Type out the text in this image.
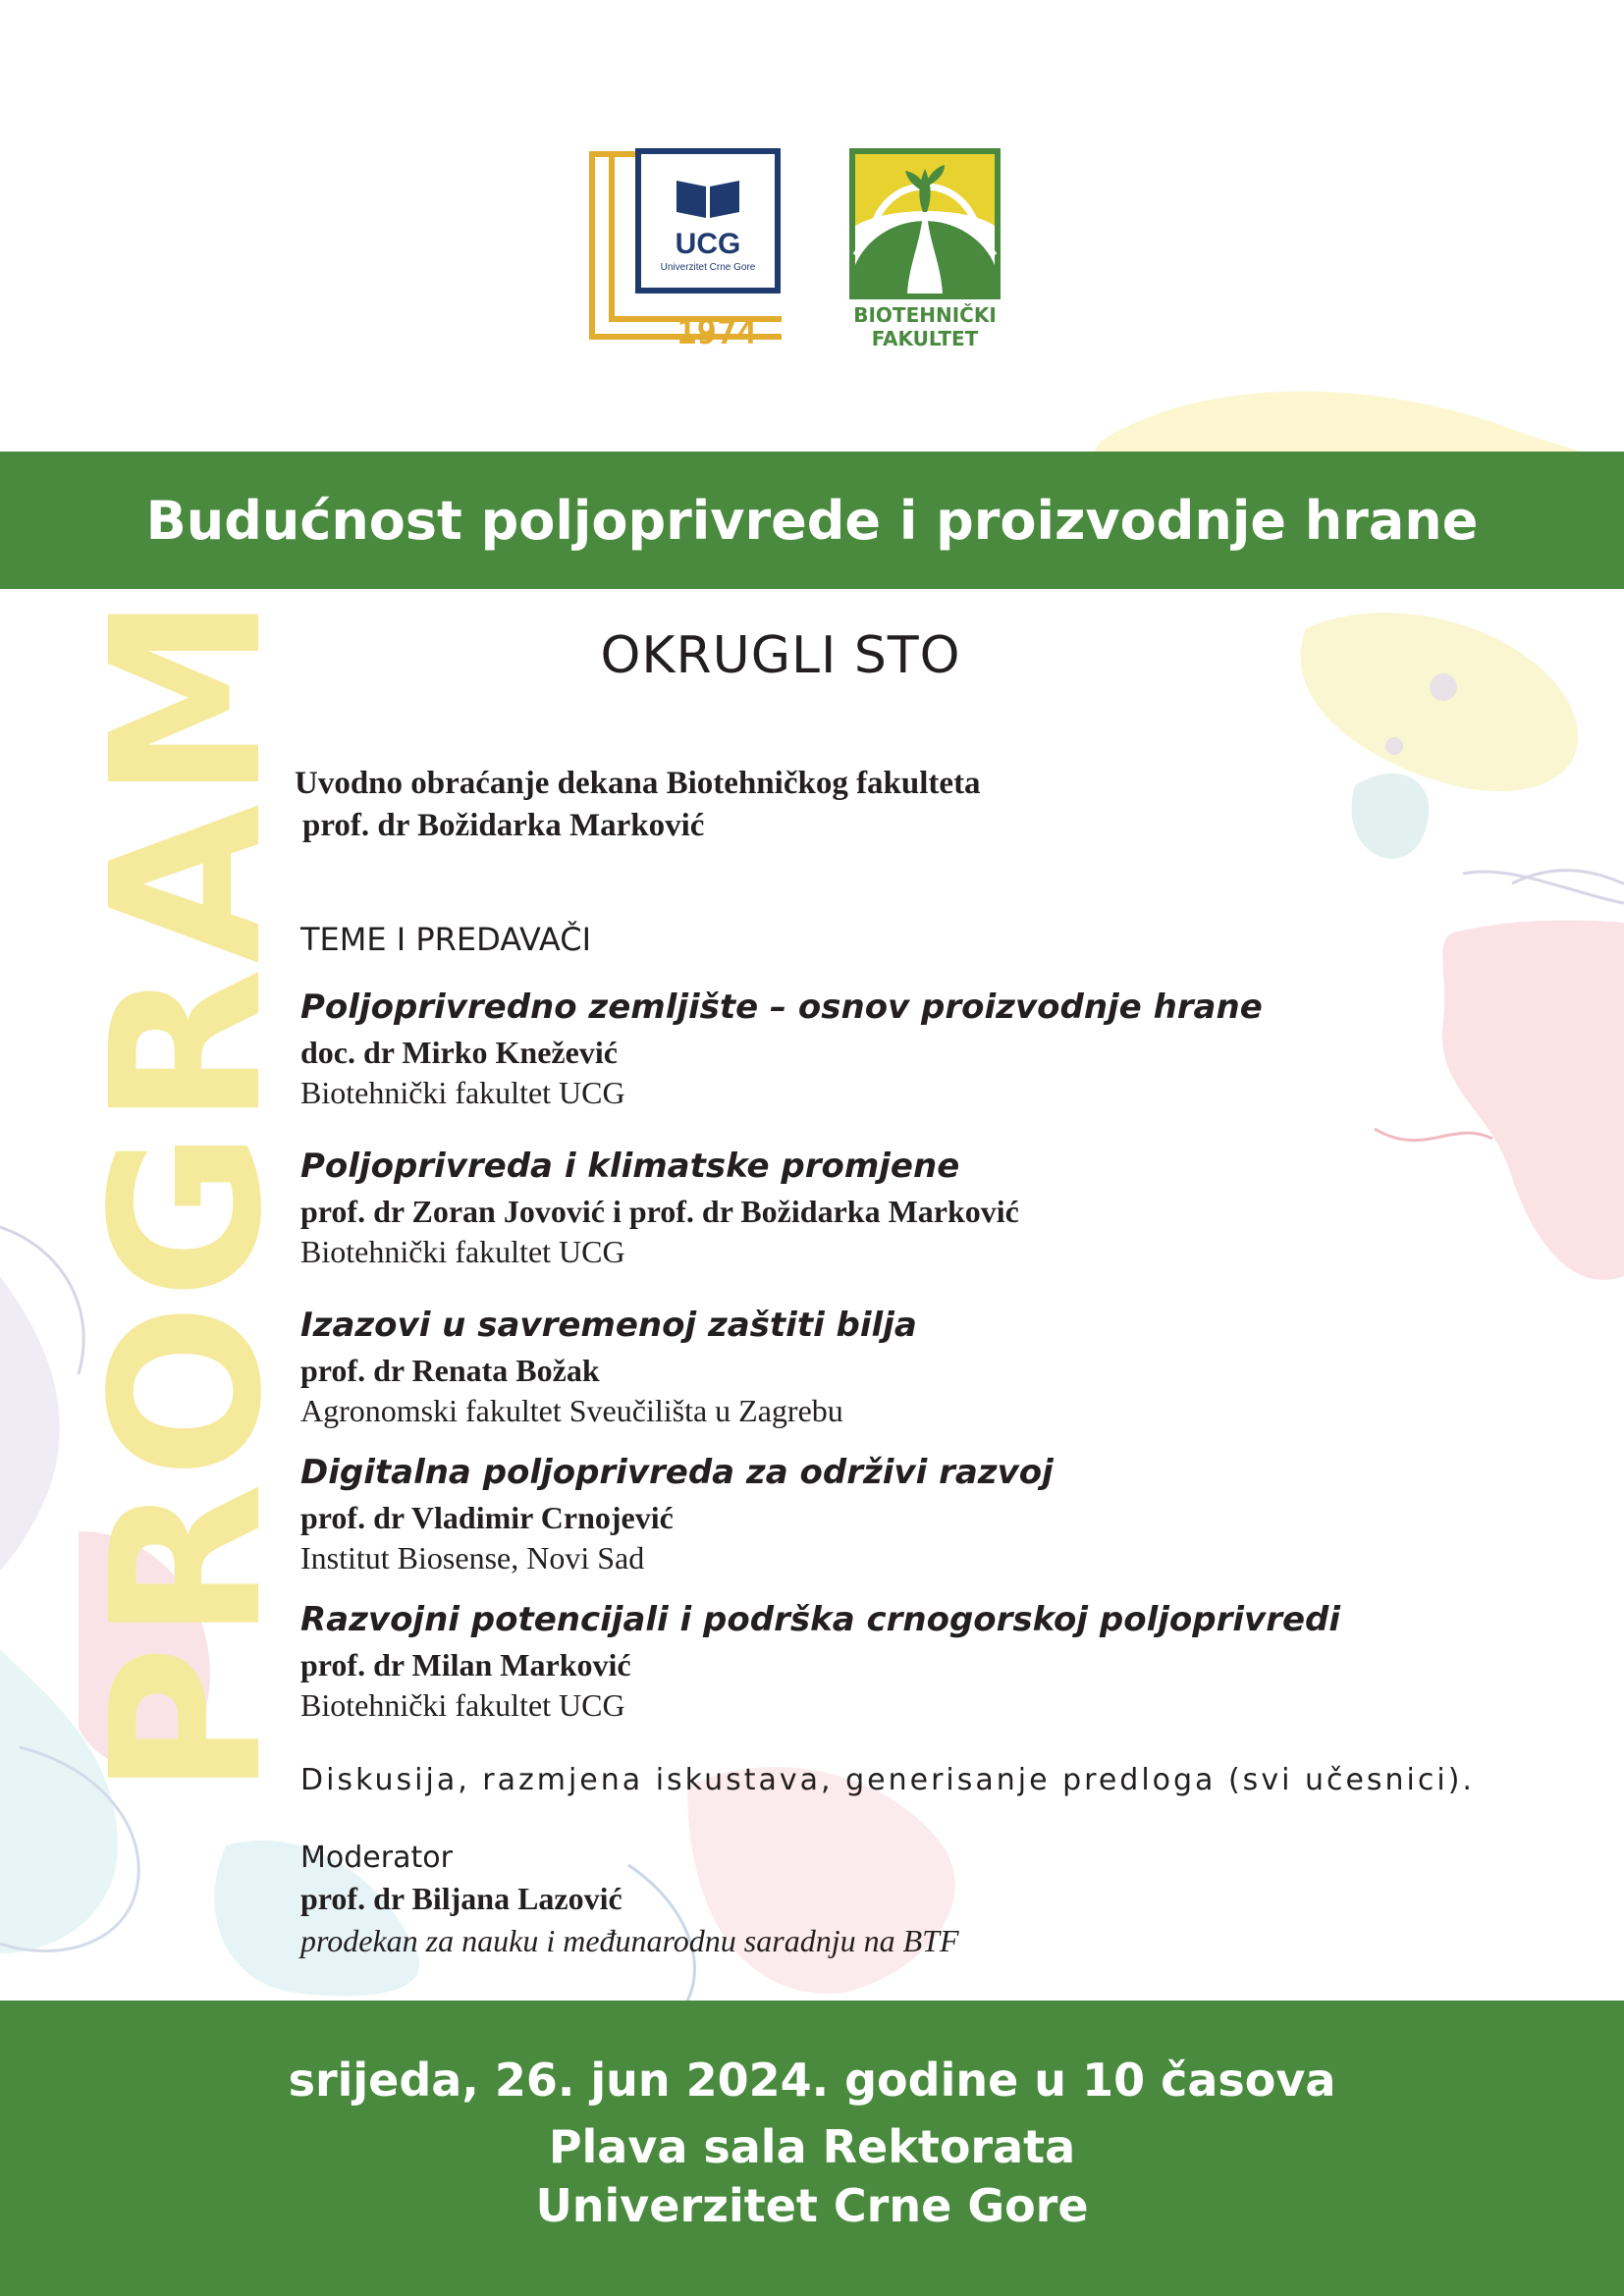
UCG
Univerzitet Crne Gore
1974	BIOTEHNIČKI
FAKULTET
Budućnost poljoprivrede i proizvodnje hrane
OKRUGLI STO
PROGRAM

Uvodno obraćanje dekana Biotehničkog fakulteta

prof. dr Božidarka Marković

TEME I PREDAVAČI

Poljoprivredno zemljište – osnov proizvodnje hrane

doc. dr Mirko Knežević

Biotehnički fakultet UCG

Poljoprivreda i klimatske promjene

prof. dr Zoran Jovović i prof. dr Božidarka Marković

Biotehnički fakultet UCG

Izazovi u savremenoj zaštiti bilja

prof. dr Renata Božak

Agronomski fakultet Sveučilišta u Zagrebu

Digitalna poljoprivreda za održivi razvoj

prof. dr Vladimir Crnojević

Institut Biosense, Novi Sad

Razvojni potencijali i podrška crnogorskoj poljoprivredi

prof. dr Milan Marković

Biotehnički fakultet UCG

Diskusija, razmjena iskustava, generisanje predloga (svi učesnici).

Moderator

prof. dr Biljana Lazović

prodekan za nauku i međunarodnu saradnju na BTF

srijeda, 26. jun 2024. godine u 10 časova
Plava sala Rektorata
Univerzitet Crne Gore
